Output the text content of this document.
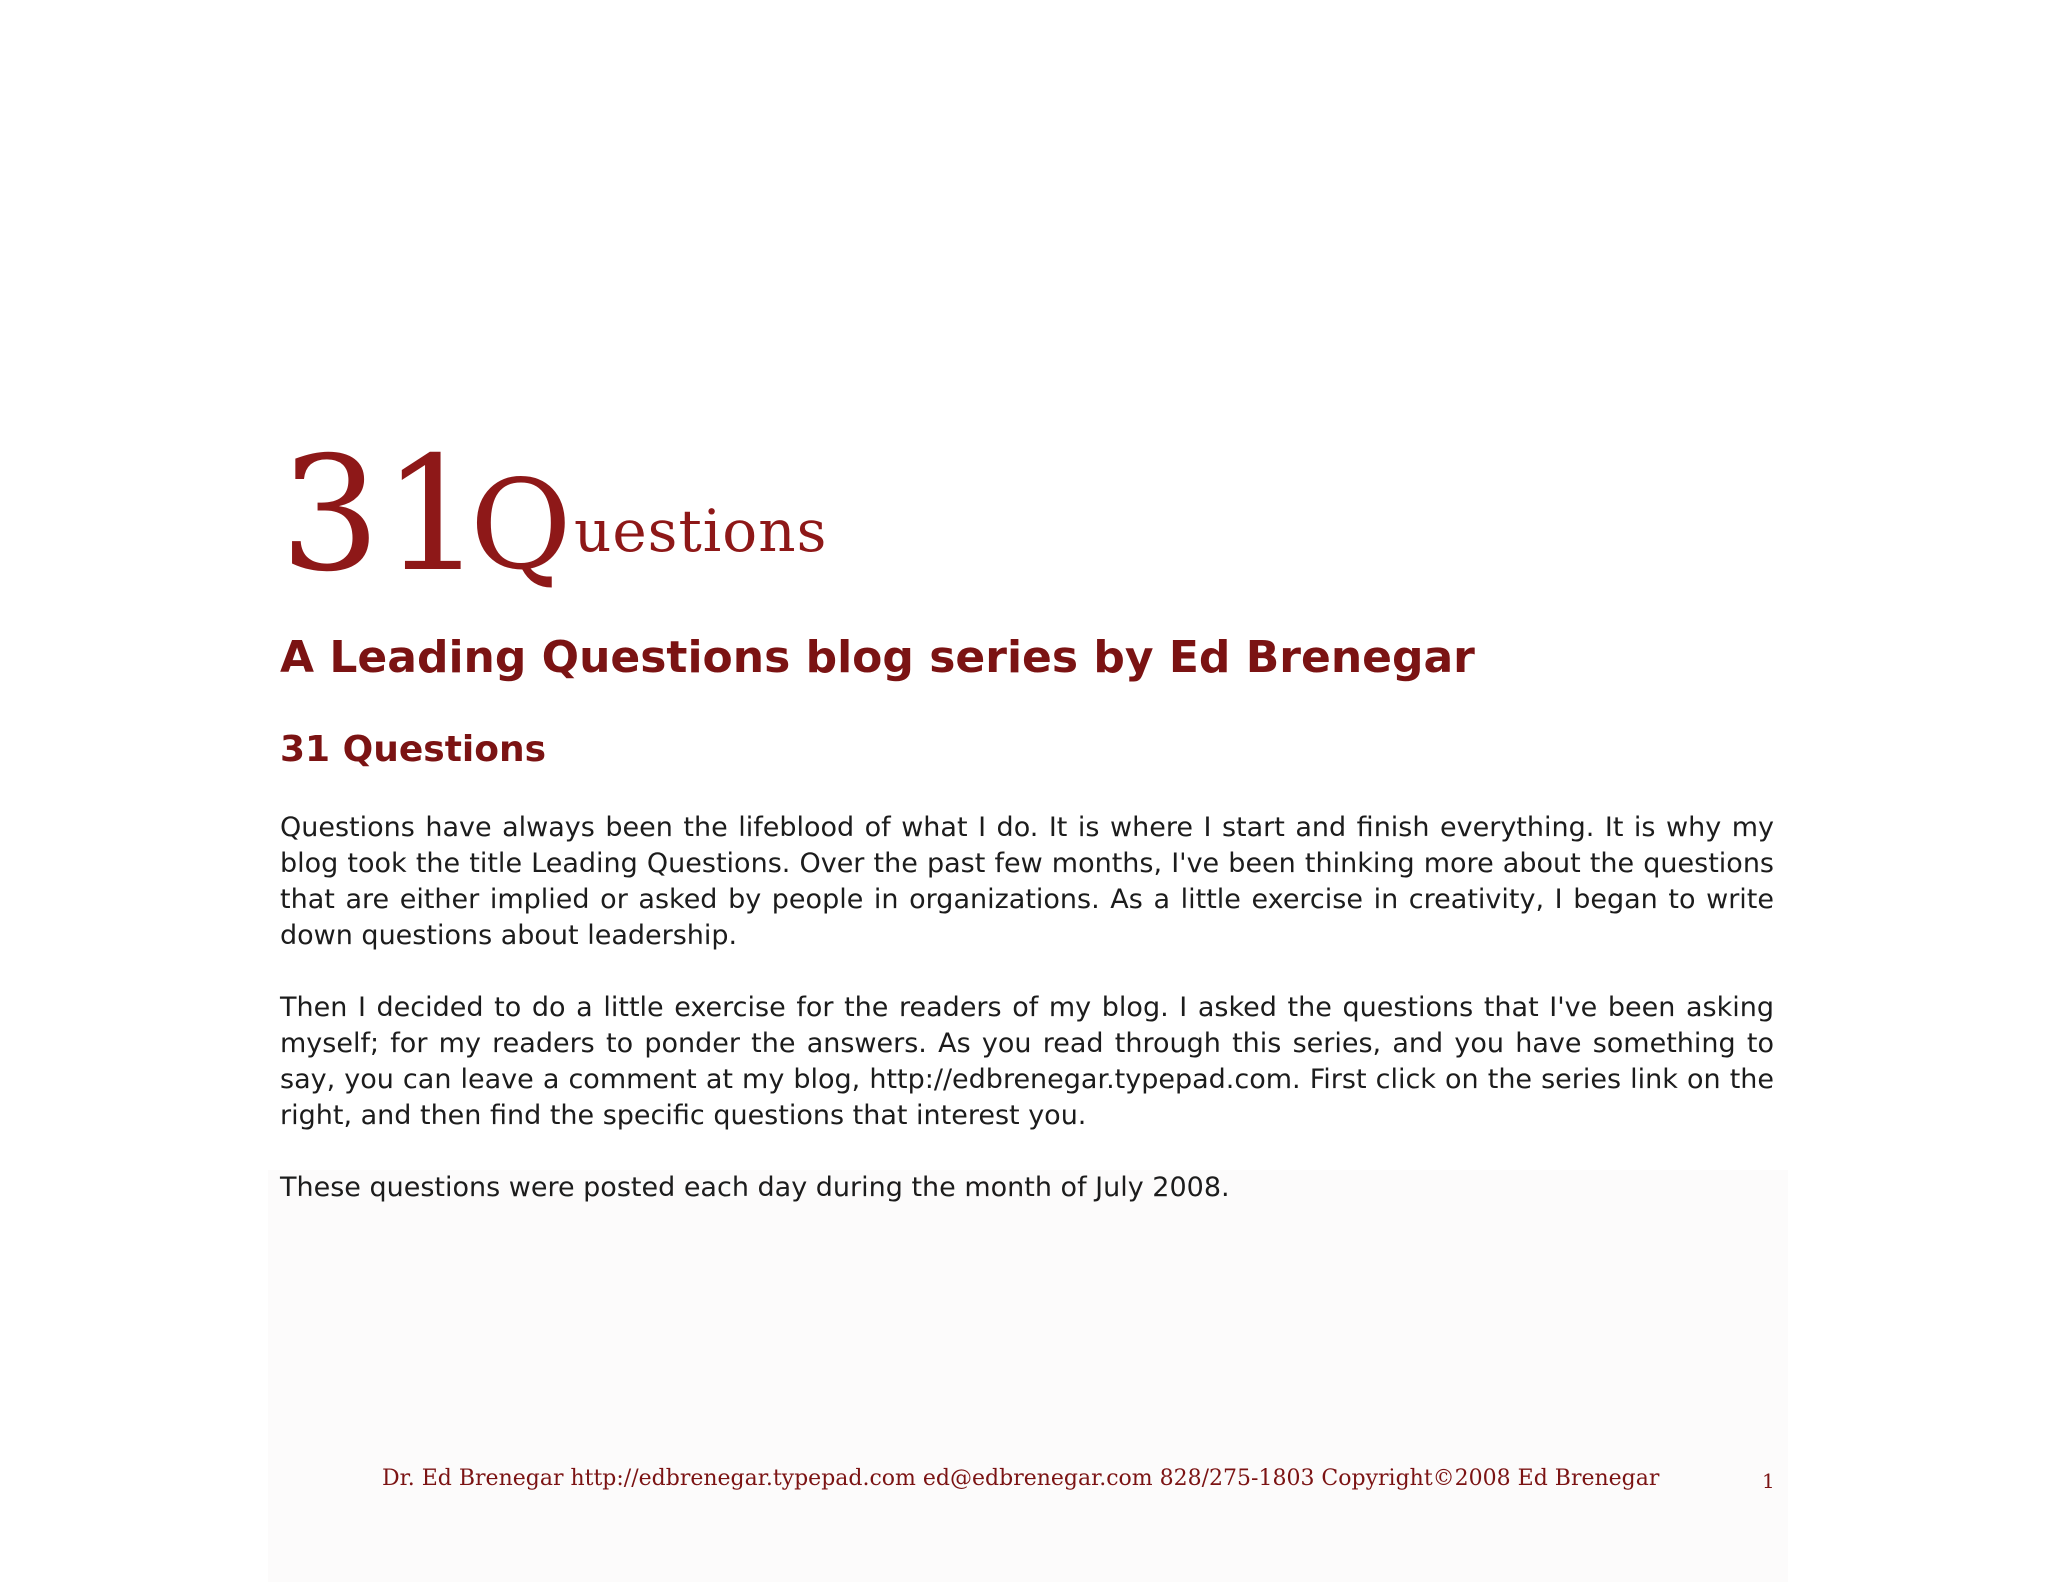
31
Q uestions
A Leading Questions blog series by Ed Brenegar
31 Questions

Questions have always been the lifeblood of what I do. It is where I start and finish everything. It is why my blog took the title Leading Questions. Over the past few months, I've been thinking more about the questions that are either implied or asked by people in organizations. As a little exercise in creativity, I began to write down questions about leadership.

Then I decided to do a little exercise for the readers of my blog. I asked the questions that I've been asking myself; for my readers to ponder the answers. As you read through this series, and you have something to say, you can leave a comment at my blog, http://edbrenegar.typepad.com. First click on the series link on the right, and then find the specific questions that interest you.

These questions were posted each day during the month of July 2008.

Dr. Ed Brenegar http://edbrenegar.typepad.com ed@edbrenegar.com 828/275-1803 Copyright©2008 Ed Brenegar	1
